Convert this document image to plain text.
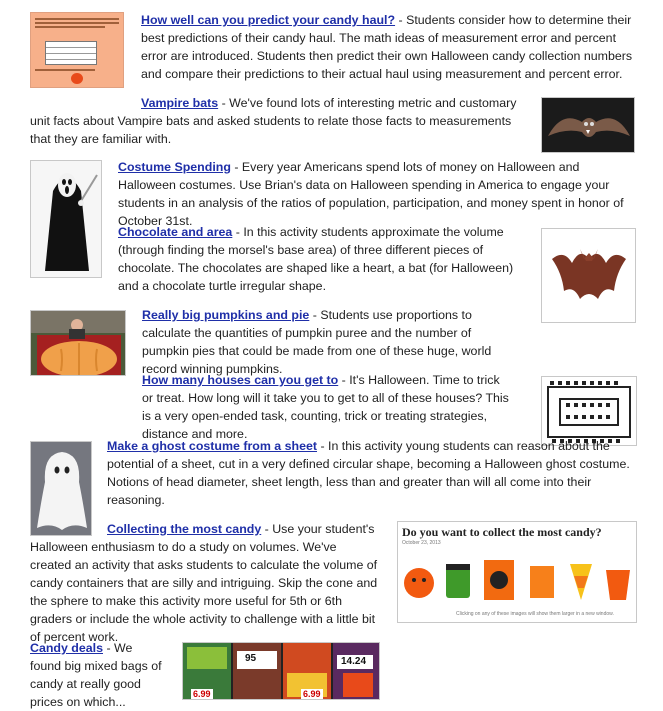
How well can you predict your candy haul? - Students consider how to determine their best predictions of their candy haul. The math ideas of measurement error and percent error are introduced. Students then predict their own Halloween candy collection numbers and compare their predictions to their actual haul using measurement and percent error.

Vampire bats - We've found lots of interesting metric and customary unit facts about Vampire bats and asked students to relate those facts to measurements that they are familiar with.

Costume Spending - Every year Americans spend lots of money on Halloween and Halloween costumes. Use Brian's data on Halloween spending in America to engage your students in an analysis of the ratios of population, participation, and money spent in honor of October 31st.

Chocolate and area - In this activity students approximate the volume (through finding the morsel's base area) of three different pieces of chocolate. The chocolates are shaped like a heart, a bat (for Halloween) and a chocolate turtle irregular shape.

Really big pumpkins and pie - Students use proportions to calculate the quantities of pumpkin puree and the number of pumpkin pies that could be made from one of these huge, world record winning pumpkins.

How many houses can you get to - It's Halloween. Time to trick or treat. How long will it take you to get to all of these houses? This is a very open-ended task, counting, trick or treating strategies, distance and more.

Make a ghost costume from a sheet - In this activity young students can reason about the potential of a sheet, cut in a very defined circular shape, becoming a Halloween ghost costume. Notions of head diameter, sheet length, less than and greater than will all come into their reasoning.

Collecting the most candy - Use your student's Halloween enthusiasm to do a study on volumes. We've created an activity that asks students to calculate the volume of candy containers that are silly and intriguing. Skip the cone and the sphere to make this activity more useful for 5th or 6th graders or include the whole activity to challenge with a little bit of percent work.

Do you want to collect the most candy?
October 23, 2013
Clicking on any of these images will show them larger in a new window.

Candy deals - We found big mixed bags of candy at really good prices on which...

95	14.24
6.99	6.99
